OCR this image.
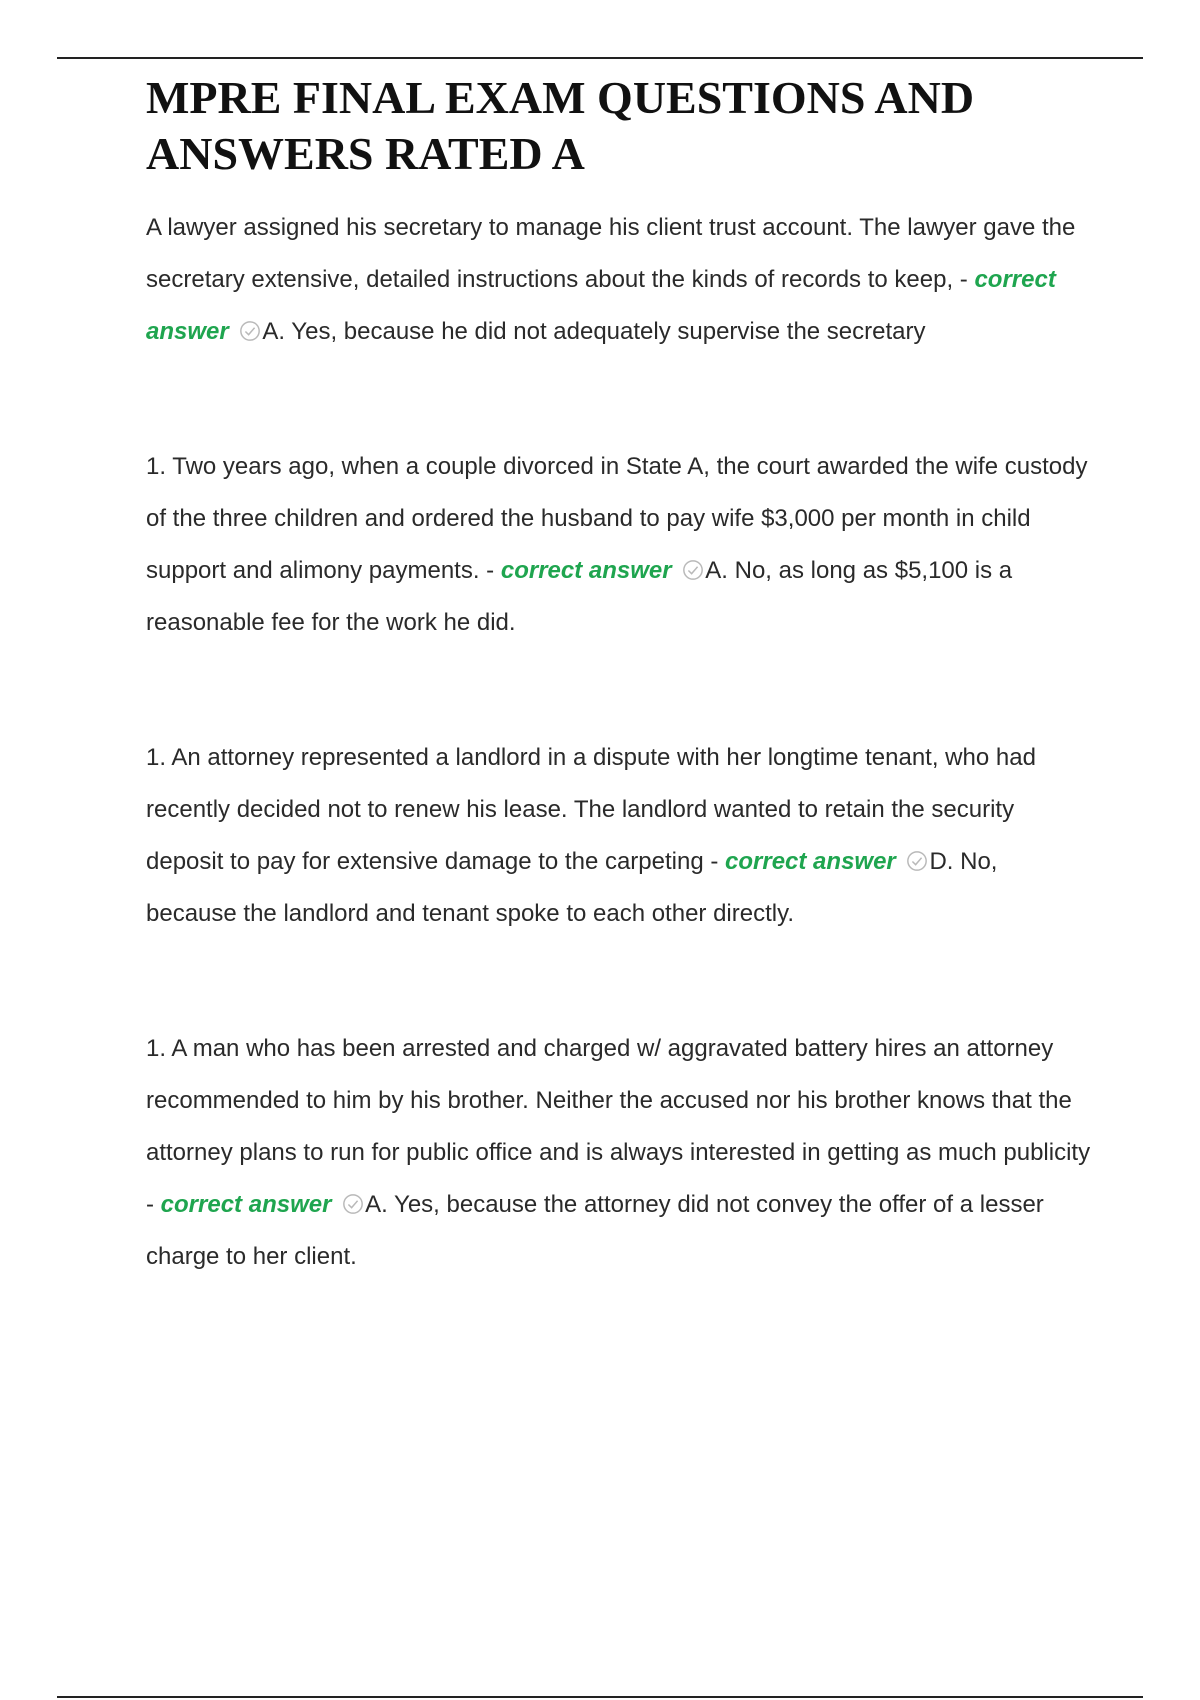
MPRE FINAL EXAM QUESTIONS AND ANSWERS RATED A

A lawyer assigned his secretary to manage his client trust account. The lawyer gave the secretary extensive, detailed instructions about the kinds of records to keep, - correct answer A. Yes, because he did not adequately supervise the secretary

1. Two years ago, when a couple divorced in State A, the court awarded the wife custody of the three children and ordered the husband to pay wife $3,000 per month in child support and alimony payments. - correct answer A. No, as long as $5,100 is a reasonable fee for the work he did.

1. An attorney represented a landlord in a dispute with her longtime tenant, who had recently decided not to renew his lease. The landlord wanted to retain the security deposit to pay for extensive damage to the carpeting - correct answer D. No, because the landlord and tenant spoke to each other directly.

1. A man who has been arrested and charged w/ aggravated battery hires an attorney recommended to him by his brother. Neither the accused nor his brother knows that the attorney plans to run for public office and is always interested in getting as much publicity - correct answer A. Yes, because the attorney did not convey the offer of a lesser charge to her client.
